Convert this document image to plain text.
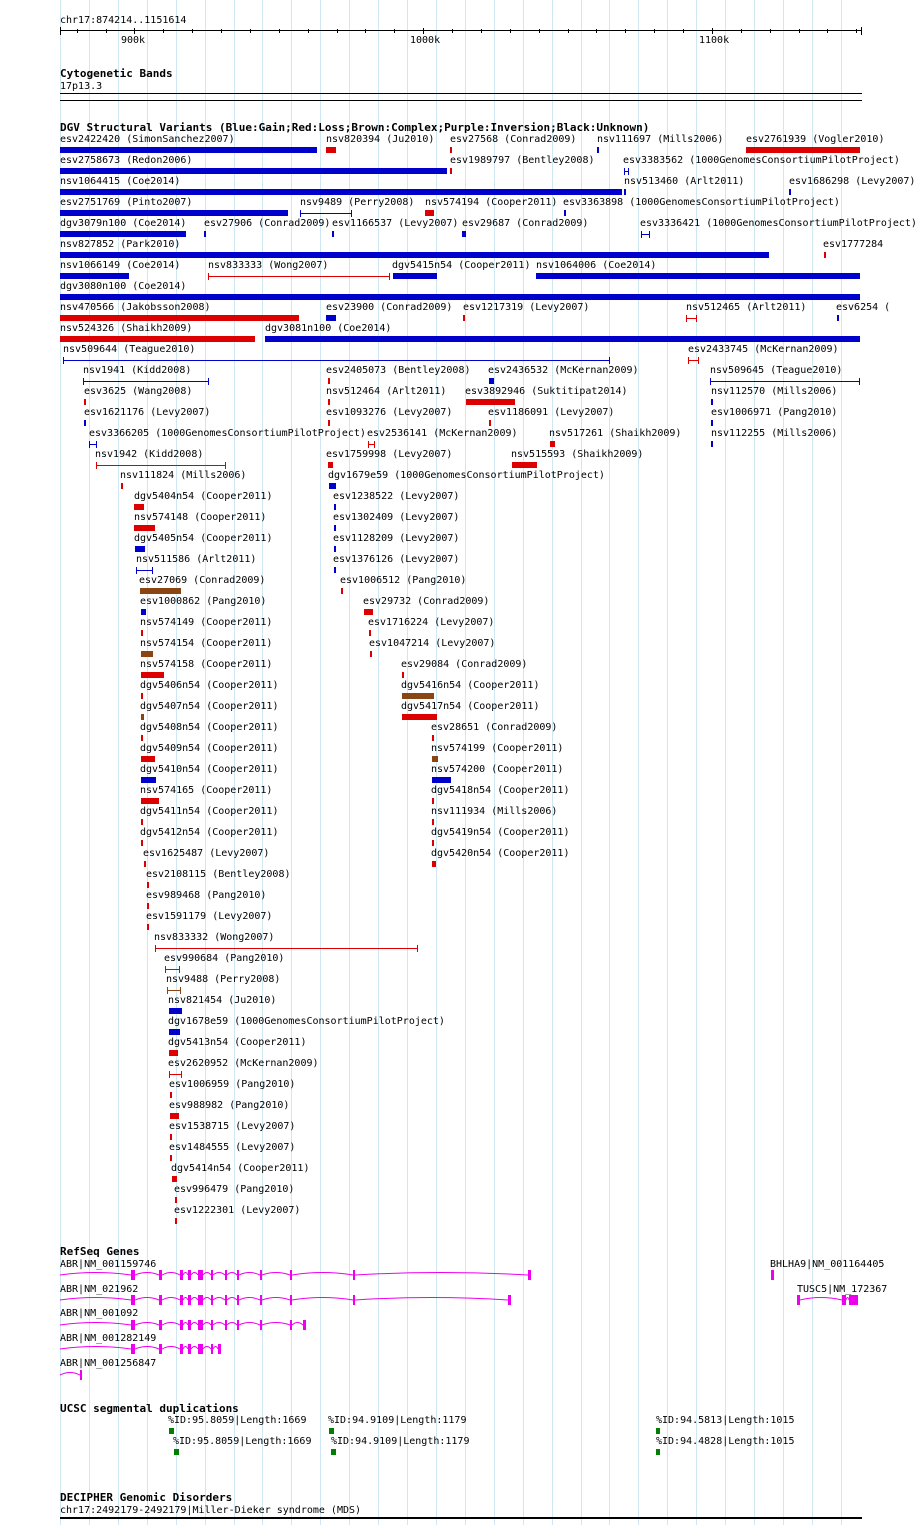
chr17:874214..1151614
900k	1000k	1100k
Cytogenetic Bands
17p13.3
DGV Structural Variants (Blue:Gain;Red:Loss;Brown:Complex;Purple:Inversion;Black:Unknown)
esv2422420 (SimonSanchez2007)	nsv820394 (Ju2010) esv27568 (Conrad2009) nsv111697 (Mills2006) esv2761939 (Vogler2010)
esv2758673 (Redon2006)	esv1989797 (Bentley2008)	esv3383562 (1000GenomesConsortiumPilotProject)
nsv1064415 (Coe2014)	nsv513460 (Arlt2011)	esv1686298 (Levy2007)
esv2751769 (Pinto2007)	nsv9489 (Perry2008) nsv574194 (Cooper2011) esv3363898 (1000GenomesConsortiumPilotProject)
dgv3079n100 (Coe2014) esv27906 (Conrad2009) esv1166537 (Levy2007) esv29687 (Conrad2009)	esv3336421 (1000GenomesConsortiumPilotProject)
nsv827852 (Park2010)	esv1777284
nsv1066149 (Coe2014)	nsv833333 (Wong2007)	dgv5415n54 (Cooper2011) nsv1064006 (Coe2014)
dgv3080n100 (Coe2014)
nsv470566 (Jakobsson2008)	esv23900 (Conrad2009) esv1217319 (Levy2007)	nsv512465 (Arlt2011)	esv6254 (
nsv524326 (Shaikh2009)	dgv3081n100 (Coe2014)
nsv509644 (Teague2010)	esv2433745 (McKernan2009)
nsv1941 (Kidd2008)	esv2405073 (Bentley2008) esv2436532 (McKernan2009)	nsv509645 (Teague2010)
esv3625 (Wang2008)	nsv512464 (Arlt2011) esv3892946 (Suktitipat2014)	nsv112570 (Mills2006)
esv1621176 (Levy2007)	esv1093276 (Levy2007)	esv1186091 (Levy2007)	esv1006971 (Pang2010)
esv3366205 (1000GenomesConsortiumPilotProject) esv2536141 (McKernan2009)	nsv517261 (Shaikh2009)	nsv112255 (Mills2006)
nsv1942 (Kidd2008)	esv1759998 (Levy2007)	nsv515593 (Shaikh2009)
nsv111824 (Mills2006)	dgv1679e59 (1000GenomesConsortiumPilotProject)
dgv5404n54 (Cooper2011)	esv1238522 (Levy2007)
nsv574148 (Cooper2011)	esv1302409 (Levy2007)
dgv5405n54 (Cooper2011)	esv1128209 (Levy2007)
nsv511586 (Arlt2011)	esv1376126 (Levy2007)
esv27069 (Conrad2009)	esv1006512 (Pang2010)
esv1000862 (Pang2010)	esv29732 (Conrad2009)
nsv574149 (Cooper2011)	esv1716224 (Levy2007)
nsv574154 (Cooper2011)	esv1047214 (Levy2007)
nsv574158 (Cooper2011)	esv29084 (Conrad2009)
dgv5406n54 (Cooper2011)	dgv5416n54 (Cooper2011)
dgv5407n54 (Cooper2011)	dgv5417n54 (Cooper2011)
dgv5408n54 (Cooper2011)	esv28651 (Conrad2009)
dgv5409n54 (Cooper2011)	nsv574199 (Cooper2011)
dgv5410n54 (Cooper2011)	nsv574200 (Cooper2011)
nsv574165 (Cooper2011)	dgv5418n54 (Cooper2011)
dgv5411n54 (Cooper2011)	nsv111934 (Mills2006)
dgv5412n54 (Cooper2011)	dgv5419n54 (Cooper2011)
esv1625487 (Levy2007)	dgv5420n54 (Cooper2011)
esv2108115 (Bentley2008)
esv989468 (Pang2010)
esv1591179 (Levy2007)
nsv833332 (Wong2007)
esv990684 (Pang2010)
nsv9488 (Perry2008)
nsv821454 (Ju2010)
dgv1678e59 (1000GenomesConsortiumPilotProject)
dgv5413n54 (Cooper2011)
esv2620952 (McKernan2009)
esv1006959 (Pang2010)
esv988982 (Pang2010)
esv1538715 (Levy2007)
esv1484555 (Levy2007)
dgv5414n54 (Cooper2011)
esv996479 (Pang2010)
esv1222301 (Levy2007)
RefSeq Genes
ABR|NM_001159746
ABR|NM_021962
ABR|NM_001092
ABR|NM_001282149
ABR|NM_001256847
BHLHA9|NM_001164405
TUSC5|NM_172367
UCSC segmental duplications
%ID:95.8059|Length:1669 %ID:94.9109|Length:1179	%ID:94.5813|Length:1015
%ID:95.8059|Length:1669 %ID:94.9109|Length:1179	%ID:94.4828|Length:1015
DECIPHER Genomic Disorders
chr17:2492179-2492179|Miller-Dieker syndrome (MDS)
